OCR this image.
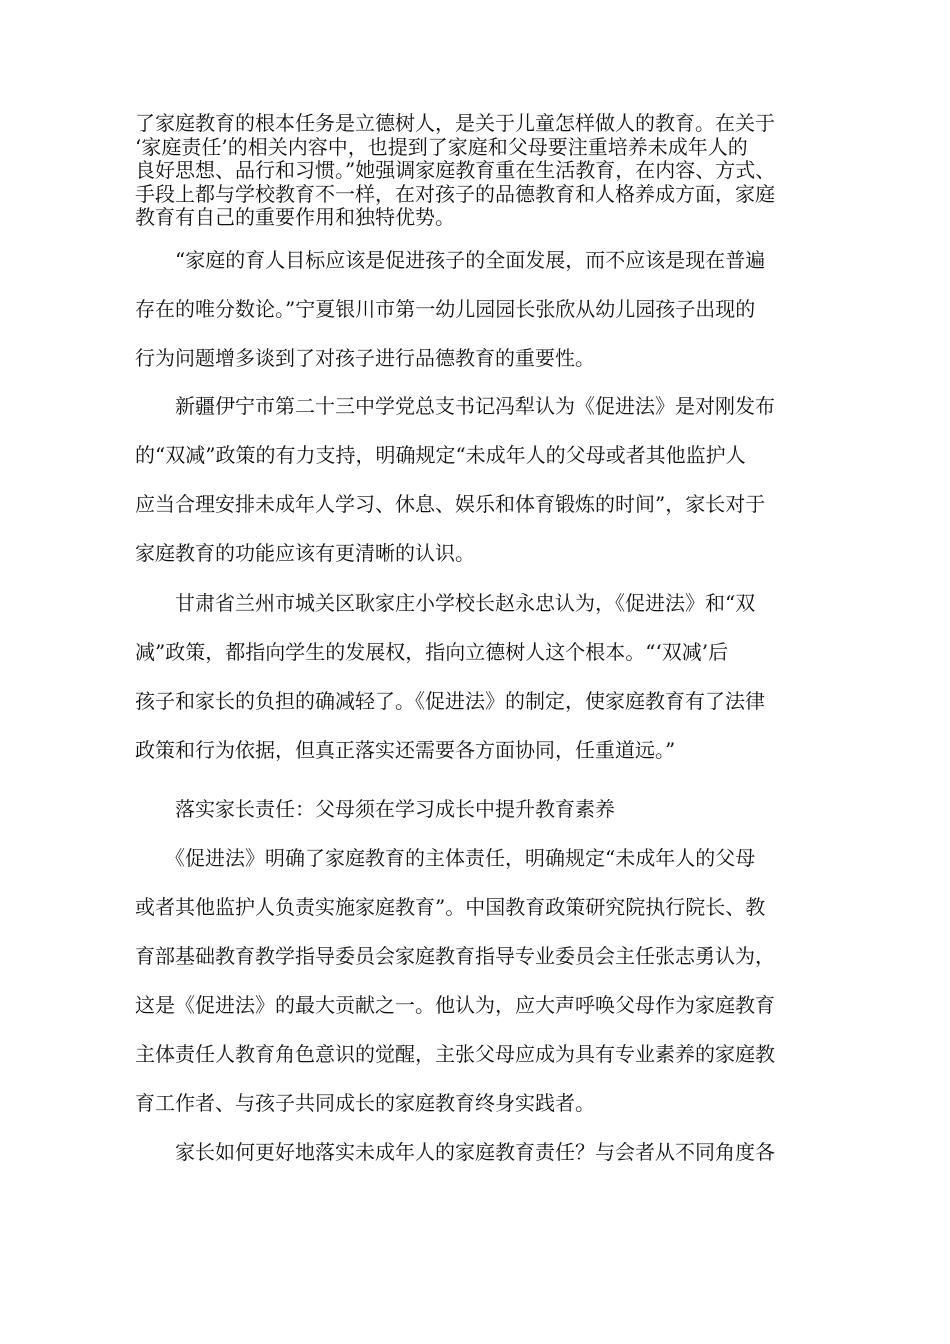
了家庭教育的根本任务是立德树人，是关于儿童怎样做人的教育。在关于
‘家庭责任’的相关内容中，也提到了家庭和父母要注重培养未成年人的
良好思想、品行和习惯。”她强调家庭教育重在生活教育，在内容、方式、
手段上都与学校教育不一样，在对孩子的品德教育和人格养成方面，家庭
教育有自己的重要作用和独特优势。

　　“家庭的育人目标应该是促进孩子的全面发展，而不应该是现在普遍
存在的唯分数论。”宁夏银川市第一幼儿园园长张欣从幼儿园孩子出现的
行为问题增多谈到了对孩子进行品德教育的重要性。

　　新疆伊宁市第二十三中学党总支书记冯犁认为《促进法》是对刚发布
的“双减”政策的有力支持，明确规定“未成年人的父母或者其他监护人
应当合理安排未成年人学习、休息、娱乐和体育锻炼的时间”，家长对于
家庭教育的功能应该有更清晰的认识。

　　甘肃省兰州市城关区耿家庄小学校长赵永忠认为，《促进法》和“双
减”政策，都指向学生的发展权，指向立德树人这个根本。“‘双减’后
孩子和家长的负担的确减轻了。《促进法》的制定，使家庭教育有了法律
政策和行为依据，但真正落实还需要各方面协同，任重道远。”

　　落实家长责任：父母须在学习成长中提升教育素养

　　《促进法》明确了家庭教育的主体责任，明确规定“未成年人的父母
或者其他监护人负责实施家庭教育”。中国教育政策研究院执行院长、教
育部基础教育教学指导委员会家庭教育指导专业委员会主任张志勇认为，
这是《促进法》的最大贡献之一。他认为，应大声呼唤父母作为家庭教育
主体责任人教育角色意识的觉醒，主张父母应成为具有专业素养的家庭教
育工作者、与孩子共同成长的家庭教育终身实践者。

　　家长如何更好地落实未成年人的家庭教育责任？与会者从不同角度各
